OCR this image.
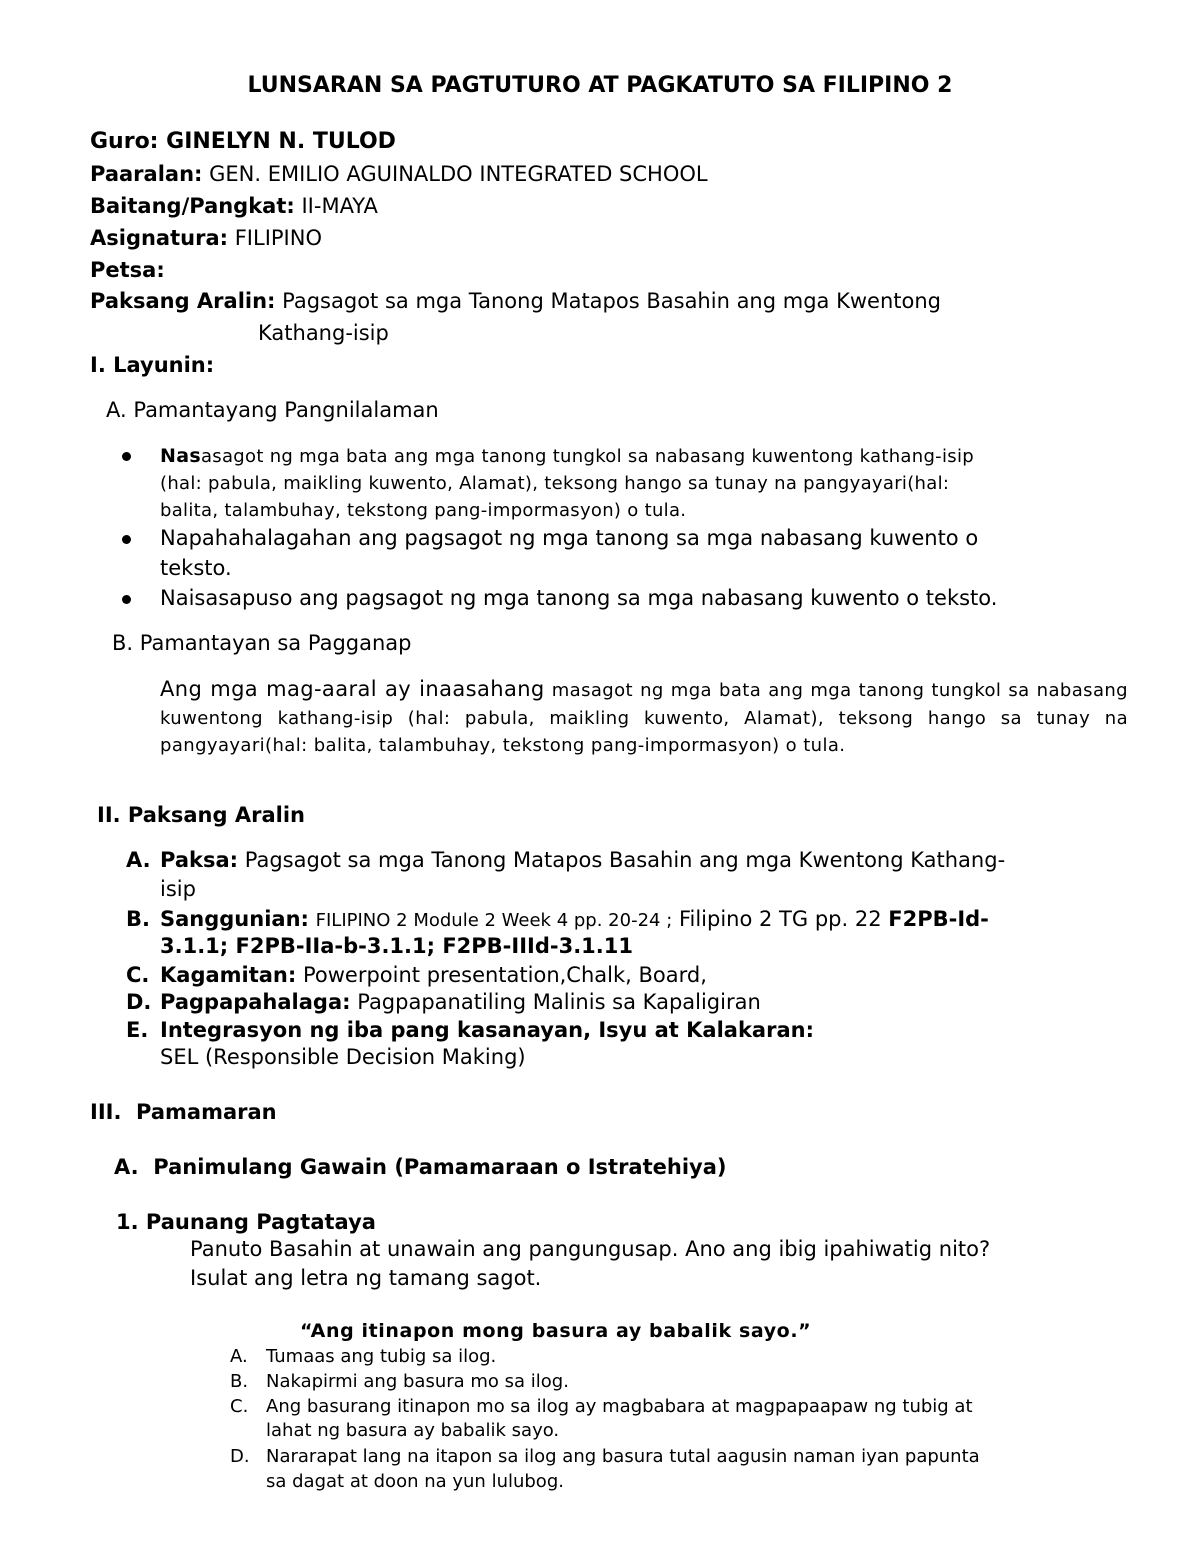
LUNSARAN SA PAGTUTURO AT PAGKATUTO SA FILIPINO 2
Guro: GINELYN N. TULOD
Paaralan: GEN. EMILIO AGUINALDO INTEGRATED SCHOOL
Baitang/Pangkat: II-MAYA
Asignatura: FILIPINO
Petsa:
Paksang Aralin: Pagsagot sa mga Tanong Matapos Basahin ang mga Kwentong
Kathang-isip
I. Layunin:
A. Pamantayang Pangnilalaman
Nasasagot ng mga bata ang mga tanong tungkol sa nabasang kuwentong kathang-isip
(hal: pabula, maikling kuwento, Alamat), teksong hango sa tunay na pangyayari(hal:
balita, talambuhay, tekstong pang-impormasyon) o tula.
Napahahalagahan ang pagsagot ng mga tanong sa mga nabasang kuwento o
teksto.
Naisasapuso ang pagsagot ng mga tanong sa mga nabasang kuwento o teksto.
B. Pamantayan sa Pagganap
Ang mga mag-aaral ay inaasahang masagot ng mga bata ang mga tanong tungkol sa nabasang kuwentong kathang-isip (hal: pabula, maikling kuwento, Alamat), teksong hango sa tunay na pangyayari(hal: balita, talambuhay, tekstong pang-impormasyon) o tula.
II. Paksang Aralin
A. Paksa: Pagsagot sa mga Tanong Matapos Basahin ang mga Kwentong Kathang-
isip
B. Sanggunian: FILIPINO 2 Module 2 Week 4 pp. 20-24 ; Filipino 2 TG pp. 22 F2PB-Id-
3.1.1; F2PB-IIa-b-3.1.1; F2PB-IIId-3.1.11
C. Kagamitan: Powerpoint presentation,Chalk, Board,
D. Pagpapahalaga: Pagpapanatiling Malinis sa Kapaligiran
E. Integrasyon ng iba pang kasanayan, Isyu at Kalakaran:
SEL (Responsible Decision Making)
III.  Pamamaran
A.  Panimulang Gawain (Pamamaraan o Istratehiya)
1. Paunang Pagtataya
Panuto Basahin at unawain ang pangungusap. Ano ang ibig ipahiwatig nito?
Isulat ang letra ng tamang sagot.
“Ang itinapon mong basura ay babalik sayo.”
A. Tumaas ang tubig sa ilog.
B. Nakapirmi ang basura mo sa ilog.
C. Ang basurang itinapon mo sa ilog ay magbabara at magpapaapaw ng tubig at
lahat ng basura ay babalik sayo.
D. Nararapat lang na itapon sa ilog ang basura tutal aagusin naman iyan papunta
sa dagat at doon na yun lulubog.
